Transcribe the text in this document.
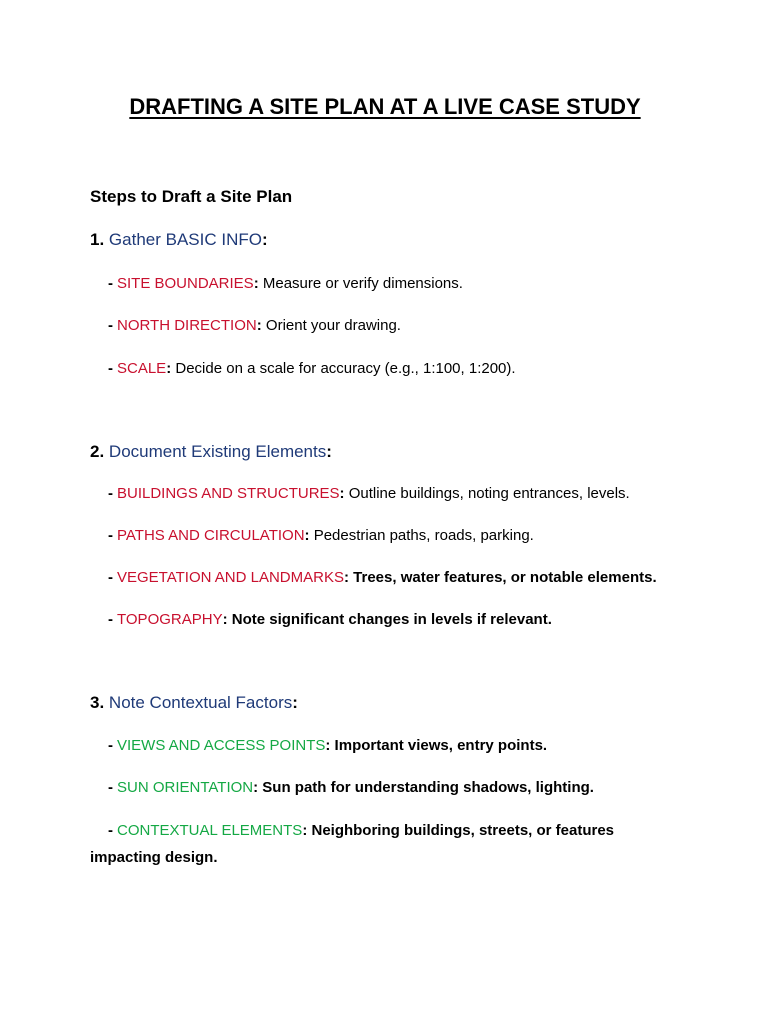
DRAFTING A SITE PLAN AT A LIVE CASE STUDY

Steps to Draft a Site Plan

1. Gather BASIC INFO:

- SITE BOUNDARIES: Measure or verify dimensions.

- NORTH DIRECTION: Orient your drawing.

- SCALE: Decide on a scale for accuracy (e.g., 1:100, 1:200).

2. Document Existing Elements:

- BUILDINGS AND STRUCTURES: Outline buildings, noting entrances, levels.

- PATHS AND CIRCULATION: Pedestrian paths, roads, parking.

- VEGETATION AND LANDMARKS: Trees, water features, or notable elements.

- TOPOGRAPHY: Note significant changes in levels if relevant.

3. Note Contextual Factors:

- VIEWS AND ACCESS POINTS: Important views, entry points.

- SUN ORIENTATION: Sun path for understanding shadows, lighting.

- CONTEXTUAL ELEMENTS: Neighboring buildings, streets, or features impacting design.
